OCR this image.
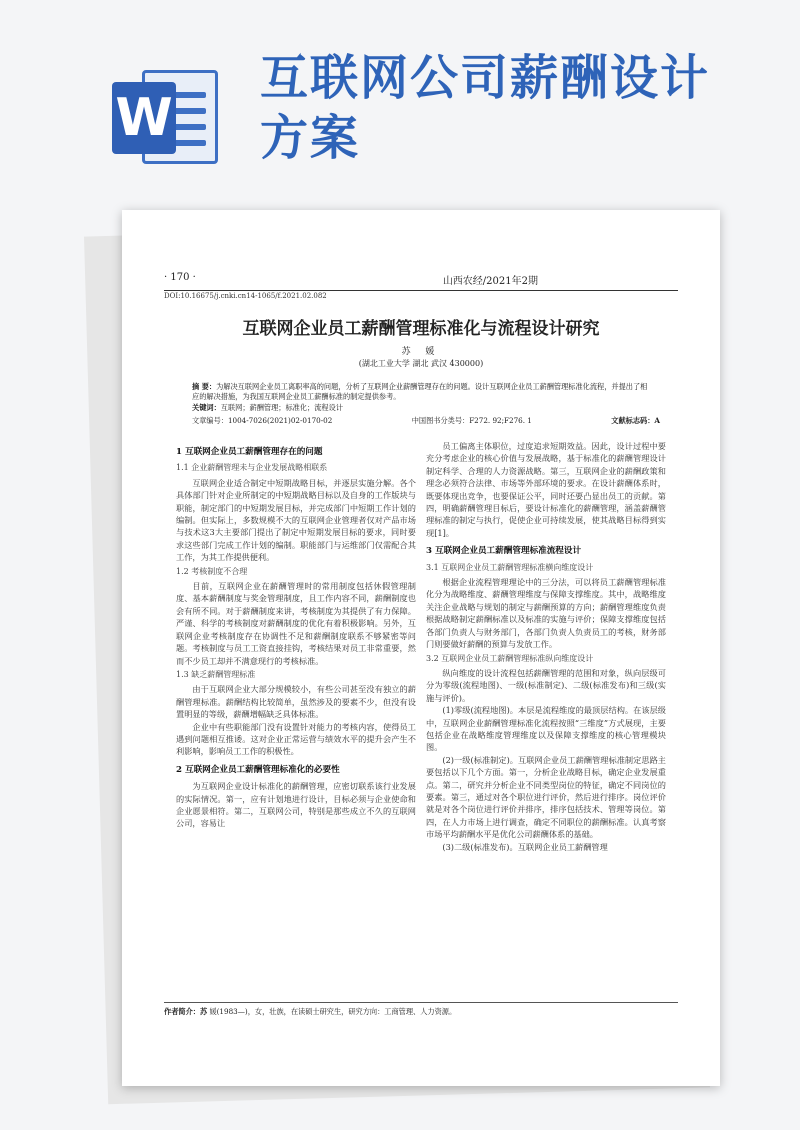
W
互联网公司薪酬设计方案
· 170 ·	山西农经/2021年2期
DOI:10.16675/j.cnki.cn14-1065/f.2021.02.082
互联网企业员工薪酬管理标准化与流程设计研究
苏 媛
(湖北工业大学 湖北 武汉 430000)
摘 要：为解决互联网企业员工离职率高的问题，分析了互联网企业薪酬管理存在的问题。设计互联网企业员工薪酬管理标准化流程，并提出了相应的解决措施，为我国互联网企业员工薪酬标准的制定提供参考。
关键词：互联网；薪酬管理；标准化；流程设计
文章编号：1004-7026(2021)02-0170-02	中国图书分类号：F272. 92;F276. 1	文献标志码：A
1 互联网企业员工薪酬管理存在的问题
1.1 企业薪酬管理未与企业发展战略相联系
互联网企业适合制定中短期战略目标，并逐层实施分解。各个具体部门针对企业所制定的中短期战略目标以及自身的工作版块与职能，制定部门的中短期发展目标，并完成部门中短期工作计划的编制。但实际上，多数规模不大的互联网企业管理者仅对产品市场与技术这3大主要部门提出了制定中短期发展目标的要求，同时要求这些部门完成工作计划的编制。职能部门与运维部门仅需配合其工作，为其工作提供便利。
1.2 考核制度不合理
目前，互联网企业在薪酬管理时的常用制度包括休假管理制度、基本薪酬制度与奖金管理制度，且工作内容不同，薪酬制度也会有所不同。对于薪酬制度来讲，考核制度为其提供了有力保障。严谨、科学的考核制度对薪酬制度的优化有着积极影响。另外，互联网企业考核制度存在协调性不足和薪酬制度联系不够紧密等问题。考核制度与员工工资直接挂钩，考核结果对员工非常重要，然而不少员工却并不满意现行的考核标准。
1.3 缺乏薪酬管理标准
由于互联网企业大部分规模较小，有些公司甚至没有独立的薪酬管理标准。薪酬结构比较简单，虽然涉及的要素不少，但没有设置明显的等级，薪酬增幅缺乏具体标准。
企业中有些职能部门没有设置针对能力的考核内容，使得员工遇到问题相互推诿。这对企业正常运营与绩效水平的提升会产生不利影响，影响员工工作的积极性。
2 互联网企业员工薪酬管理标准化的必要性
为互联网企业设计标准化的薪酬管理，应密切联系该行业发展的实际情况。第一，应有计划地进行设计，目标必须与企业使命和企业愿景相符。第二，互联网公司，特别是那些成立不久的互联网公司，容易让
员工偏离主体职位，过度追求短期效益。因此，设计过程中要充分考虑企业的核心价值与发展战略，基于标准化的薪酬管理设计制定科学、合理的人力资源战略。第三，互联网企业的薪酬政策和理念必须符合法律、市场等外部环境的要求。在设计薪酬体系时，既要体现出竞争，也要保证公平，同时还要凸显出员工的贡献。第四，明确薪酬管理目标后，要设计标准化的薪酬管理，涵盖薪酬管理标准的制定与执行，促使企业可持续发展，使其战略目标得到实现[1]。
3 互联网企业员工薪酬管理标准流程设计
3.1 互联网企业员工薪酬管理标准横向维度设计
根据企业流程管理理论中的三分法，可以将员工薪酬管理标准化分为战略维度、薪酬管理维度与保障支撑维度。其中，战略维度关注企业战略与规划的制定与薪酬预算的方向；薪酬管理维度负责根据战略制定薪酬标准以及标准的实施与评价；保障支撑维度包括各部门负责人与财务部门，各部门负责人负责员工的考核，财务部门则要做好薪酬的预算与发放工作。
3.2 互联网企业员工薪酬管理标准纵向维度设计
纵向维度的设计流程包括薪酬管理的范围和对象，纵向层级可分为零级(流程地图)、一级(标准制定)、二级(标准发布)和三级(实施与评价)。
(1)零级(流程地图)。本层是流程维度的最顶层结构。在该层级中，互联网企业薪酬管理标准化流程按照“三维度”方式展现，主要包括企业在战略维度管理维度以及保障支撑维度的核心管理模块图。
(2)一级(标准制定)。互联网企业员工薪酬管理标准制定思路主要包括以下几个方面。第一，分析企业战略目标，确定企业发展重点。第二，研究并分析企业不同类型岗位的特征，确定不同岗位的要素。第三，通过对各个职位进行评价，然后进行排序。岗位评价就是对各个岗位进行评价并排序，排序包括技术、管理等岗位。第四，在人力市场上进行调查，确定不同职位的薪酬标准。认真考察市场平均薪酬水平是优化公司薪酬体系的基础。
(3)二级(标准发布)。互联网企业员工薪酬管理
作者简介：苏 媛(1983—)，女，壮族，在读硕士研究生，研究方向：工商管理、人力资源。
